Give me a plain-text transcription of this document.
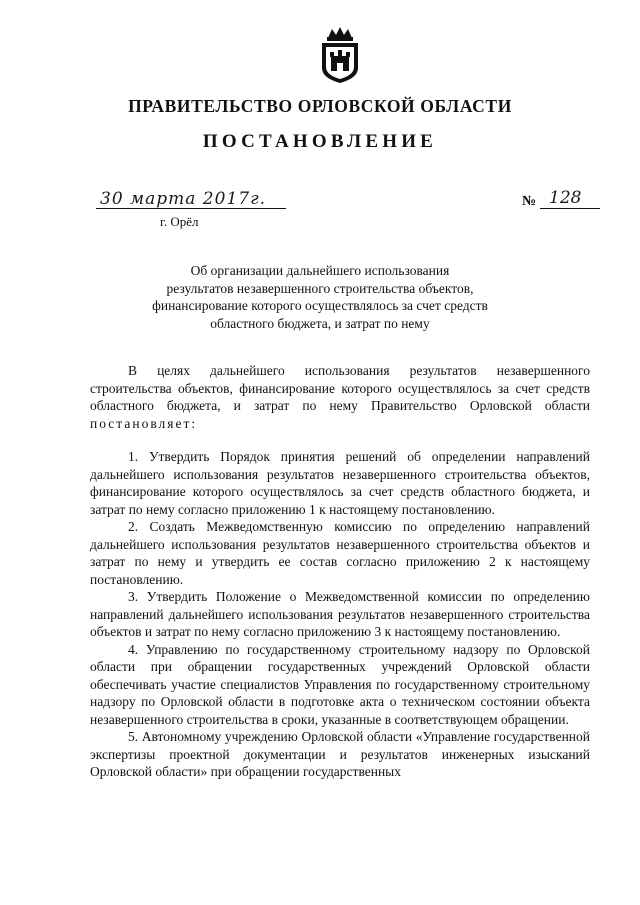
ПРАВИТЕЛЬСТВО ОРЛОВСКОЙ ОБЛАСТИ
ПОСТАНОВЛЕНИЕ
30 марта 2017г.
г. Орёл
№ 128
Об организации дальнейшего использования
результатов незавершенного строительства объектов,
финансирование которого осуществлялось за счет средств
областного бюджета, и затрат по нему

В целях дальнейшего использования результатов незавершенного строительства объектов, финансирование которого осуществлялось за счет средств областного бюджета, и затрат по нему Правительство Орловской области постановляет:

1. Утвердить Порядок принятия решений об определении направлений дальнейшего использования результатов незавершенного строительства объектов, финансирование которого осуществлялось за счет средств областного бюджета, и затрат по нему согласно приложению 1 к настоящему постановлению.

2. Создать Межведомственную комиссию по определению направлений дальнейшего использования результатов незавершенного строительства объектов и затрат по нему и утвердить ее состав согласно приложению 2 к настоящему постановлению.

3. Утвердить Положение о Межведомственной комиссии по определению направлений дальнейшего использования результатов незавершенного строительства объектов и затрат по нему согласно приложению 3 к настоящему постановлению.

4. Управлению по государственному строительному надзору по Орловской области при обращении государственных учреждений Орловской области обеспечивать участие специалистов Управления по государственному строительному надзору по Орловской области в подготовке акта о техническом состоянии объекта незавершенного строительства в сроки, указанные в соответствующем обращении.

5. Автономному учреждению Орловской области «Управление государственной экспертизы проектной документации и результатов инженерных изысканий Орловской области» при обращении государственных
